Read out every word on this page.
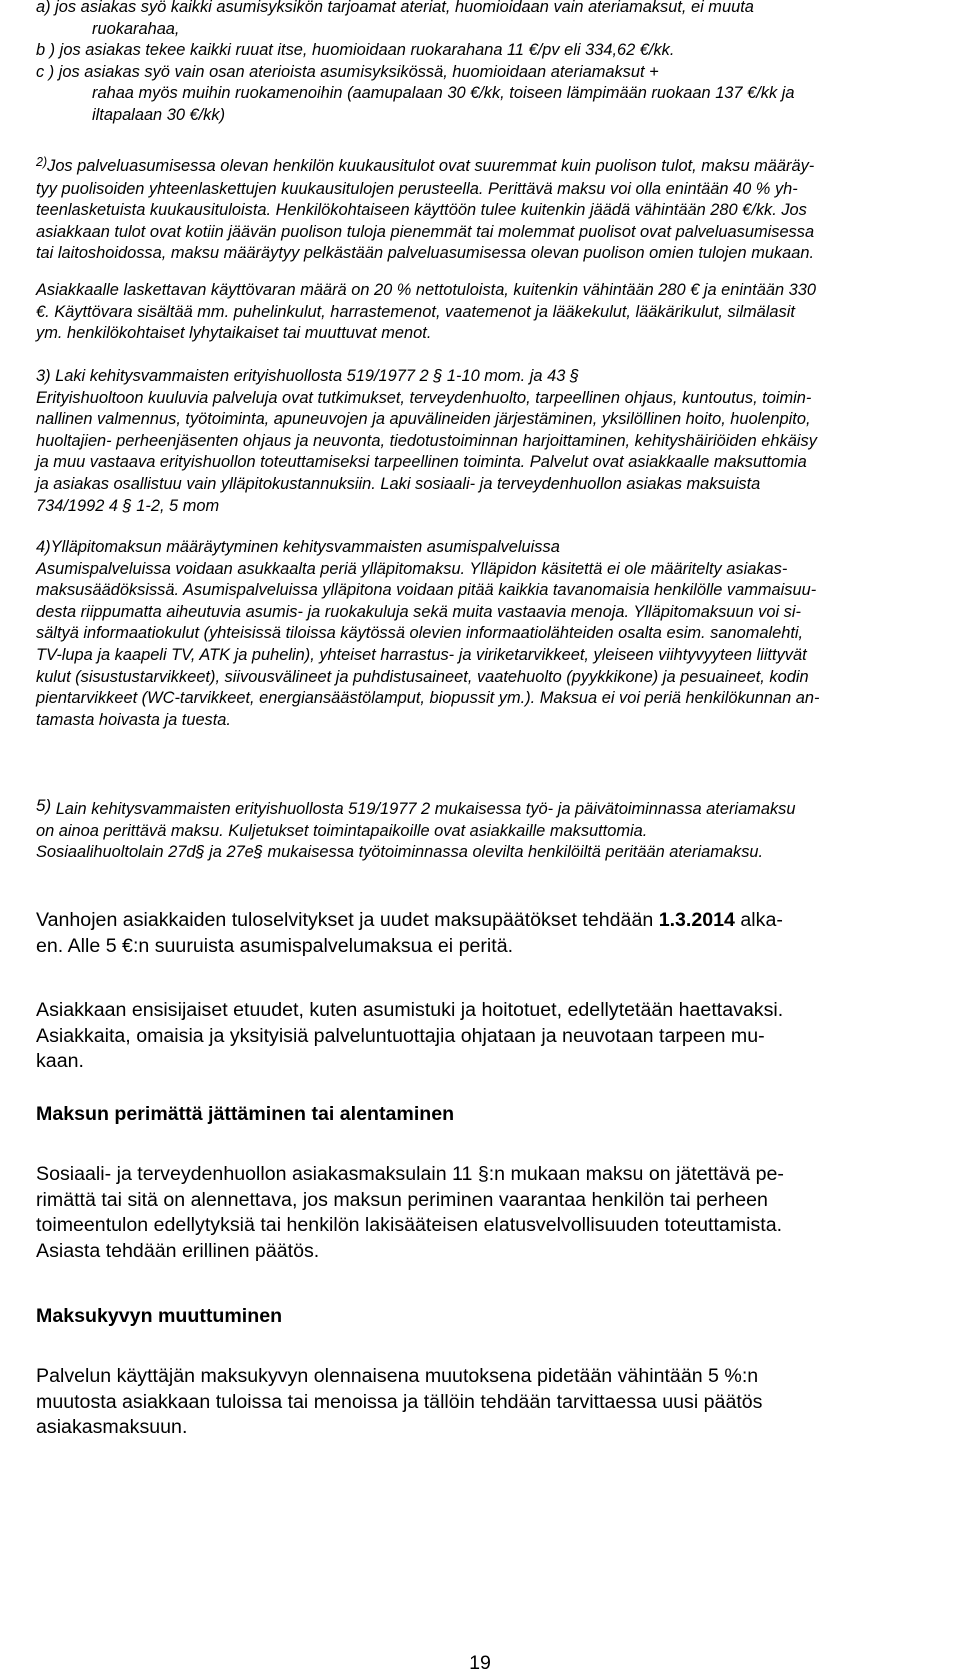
a) jos asiakas syö kaikki asumisyksikön tarjoamat ateriat, huomioidaan vain ateriamaksut, ei muuta
ruokarahaa,
b ) jos asiakas tekee kaikki ruuat itse, huomioidaan ruokarahana 11 €/pv eli 334,62 €/kk.
c ) jos asiakas syö vain osan aterioista asumisyksikössä, huomioidaan ateriamaksut +
rahaa myös muihin ruokamenoihin (aamupalaan 30 €/kk, toiseen lämpimään ruokaan 137 €/kk ja
iltapalaan 30 €/kk)
$^{2)}$Jos palveluasumisessa olevan henkilön kuukausitulot ovat suuremmat kuin puolison tulot, maksu määräy-
tyy puolisoiden yhteenlaskettujen kuukausitulojen perusteella. Perittävä maksu voi olla enintään 40 % yh-
teenlasketuista kuukausituloista. Henkilökohtaiseen käyttöön tulee kuitenkin jäädä vähintään 280 €/kk. Jos
asiakkaan tulot ovat kotiin jäävän puolison tuloja pienemmät tai molemmat puolisot ovat palveluasumisessa
tai laitoshoidossa, maksu määräytyy pelkästään palveluasumisessa olevan puolison omien tulojen mukaan.
Asiakkaalle laskettavan käyttövaran määrä on 20 % nettotuloista, kuitenkin vähintään 280 € ja enintään 330
€. Käyttövara sisältää mm. puhelinkulut, harrastemenot, vaatemenot ja lääkekulut, lääkärikulut, silmälasit
ym. henkilökohtaiset lyhytaikaiset tai muuttuvat menot.
3) Laki kehitysvammaisten erityishuollosta 519/1977 2 § 1-10 mom. ja 43 §
Erityishuoltoon kuuluvia palveluja ovat tutkimukset, terveydenhuolto, tarpeellinen ohjaus, kuntoutus, toimin-
nallinen valmennus, työtoiminta, apuneuvojen ja apuvälineiden järjestäminen, yksilöllinen hoito, huolenpito,
huoltajien- perheenjäsenten ohjaus ja neuvonta, tiedotustoiminnan harjoittaminen, kehityshäiriöiden ehkäisy
ja muu vastaava erityishuollon toteuttamiseksi tarpeellinen toiminta. Palvelut ovat asiakkaalle maksuttomia
ja asiakas osallistuu vain ylläpitokustannuksiin. Laki sosiaali- ja terveydenhuollon asiakas maksuista
734/1992 4 § 1-2, 5 mom
4)Ylläpitomaksun määräytyminen kehitysvammaisten asumispalveluissa
Asumispalveluissa voidaan asukkaalta periä ylläpitomaksu. Ylläpidon käsitettä ei ole määritelty asiakas-
maksusäädöksissä. Asumispalveluissa ylläpitona voidaan pitää kaikkia tavanomaisia henkilölle vammaisuu-
desta riippumatta aiheutuvia asumis- ja ruokakuluja sekä muita vastaavia menoja. Ylläpitomaksuun voi si-
sältyä informaatiokulut (yhteisissä tiloissa käytössä olevien informaatiolähteiden osalta esim. sanomalehti,
TV-lupa ja kaapeli TV, ATK ja puhelin), yhteiset harrastus- ja viriketarvikkeet, yleiseen viihtyvyyteen liittyvät
kulut (sisustustarvikkeet), siivousvälineet ja puhdistusaineet, vaatehuolto (pyykkikone) ja pesuaineet, kodin
pientarvikkeet (WC-tarvikkeet, energiansäästölamput, biopussit ym.). Maksua ei voi periä henkilökunnan an-
tamasta hoivasta ja tuesta.
5) Lain kehitysvammaisten erityishuollosta 519/1977 2 mukaisessa työ- ja päivätoiminnassa ateriamaksu
on ainoa perittävä maksu. Kuljetukset toimintapaikoille ovat asiakkaille maksuttomia.
Sosiaalihuoltolain 27d§ ja 27e§ mukaisessa työtoiminnassa olevilta henkilöiltä peritään ateriamaksu.
Vanhojen asiakkaiden tuloselvitykset ja uudet maksupäätökset tehdään 1.3.2014 alka-
en. Alle 5 €:n suuruista asumispalvelumaksua ei peritä.
Asiakkaan ensisijaiset etuudet, kuten asumistuki ja hoitotuet, edellytetään haettavaksi.
Asiakkaita, omaisia ja yksityisiä palveluntuottajia ohjataan ja neuvotaan tarpeen mu-
kaan.
Maksun perimättä jättäminen tai alentaminen
Sosiaali- ja terveydenhuollon asiakasmaksulain 11 §:n mukaan maksu on jätettävä pe-
rimättä tai sitä on alennettava, jos maksun periminen vaarantaa henkilön tai perheen
toimeentulon edellytyksiä tai henkilön lakisääteisen elatusvelvollisuuden toteuttamista.
Asiasta tehdään erillinen päätös.
Maksukyvyn muuttuminen
Palvelun käyttäjän maksukyvyn olennaisena muutoksena pidetään vähintään 5 %:n
muutosta asiakkaan tuloissa tai menoissa ja tällöin tehdään tarvittaessa uusi päätös
asiakasmaksuun.
19
